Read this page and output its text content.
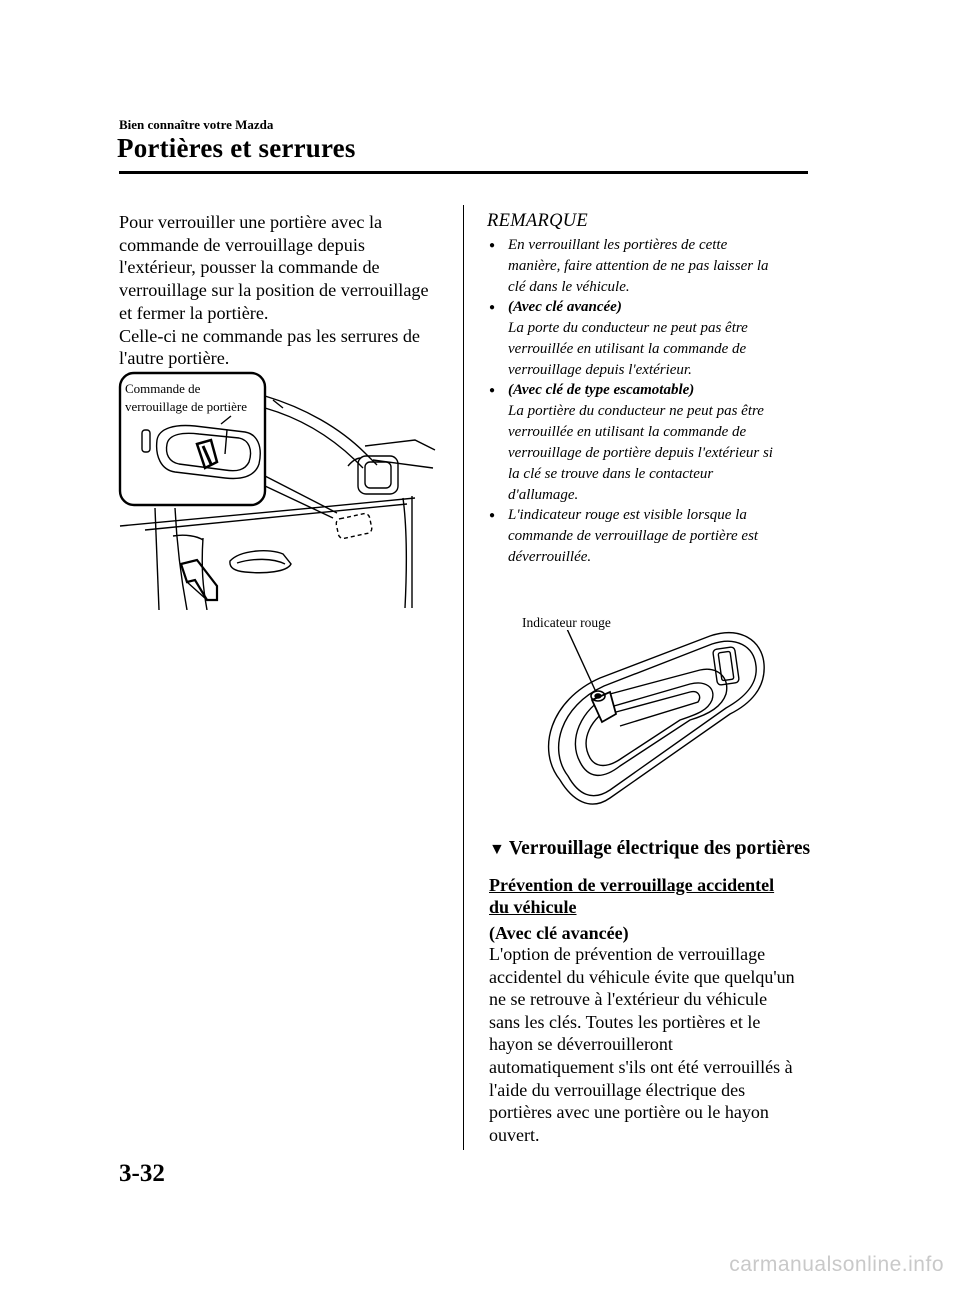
Bien connaître votre Mazda
Portières et serrures
Pour verrouiller une portière avec la
commande de verrouillage depuis
l'extérieur, pousser la commande de
verrouillage sur la position de verrouillage
et fermer la portière.
Celle-ci ne commande pas les serrures de
l'autre portière.
Commande de
verrouillage de portière
REMARQUE
● En verrouillant les portières de cette
manière, faire attention de ne pas laisser la
clé dans le véhicule.
● (Avec clé avancée)
La porte du conducteur ne peut pas être
verrouillée en utilisant la commande de
verrouillage depuis l'extérieur.
● (Avec clé de type escamotable)
La portière du conducteur ne peut pas être
verrouillée en utilisant la commande de
verrouillage de portière depuis l'extérieur si
la clé se trouve dans le contacteur
d'allumage.
● L'indicateur rouge est visible lorsque la
commande de verrouillage de portière est
déverrouillée.
Indicateur rouge
▼ Verrouillage électrique des portières
Prévention de verrouillage accidentel
du véhicule
(Avec clé avancée)
L'option de prévention de verrouillage
accidentel du véhicule évite que quelqu'un
ne se retrouve à l'extérieur du véhicule
sans les clés. Toutes les portières et le
hayon se déverrouilleront
automatiquement s'ils ont été verrouillés à
l'aide du verrouillage électrique des
portières avec une portière ou le hayon
ouvert.
3-32
carmanualsonline.info
